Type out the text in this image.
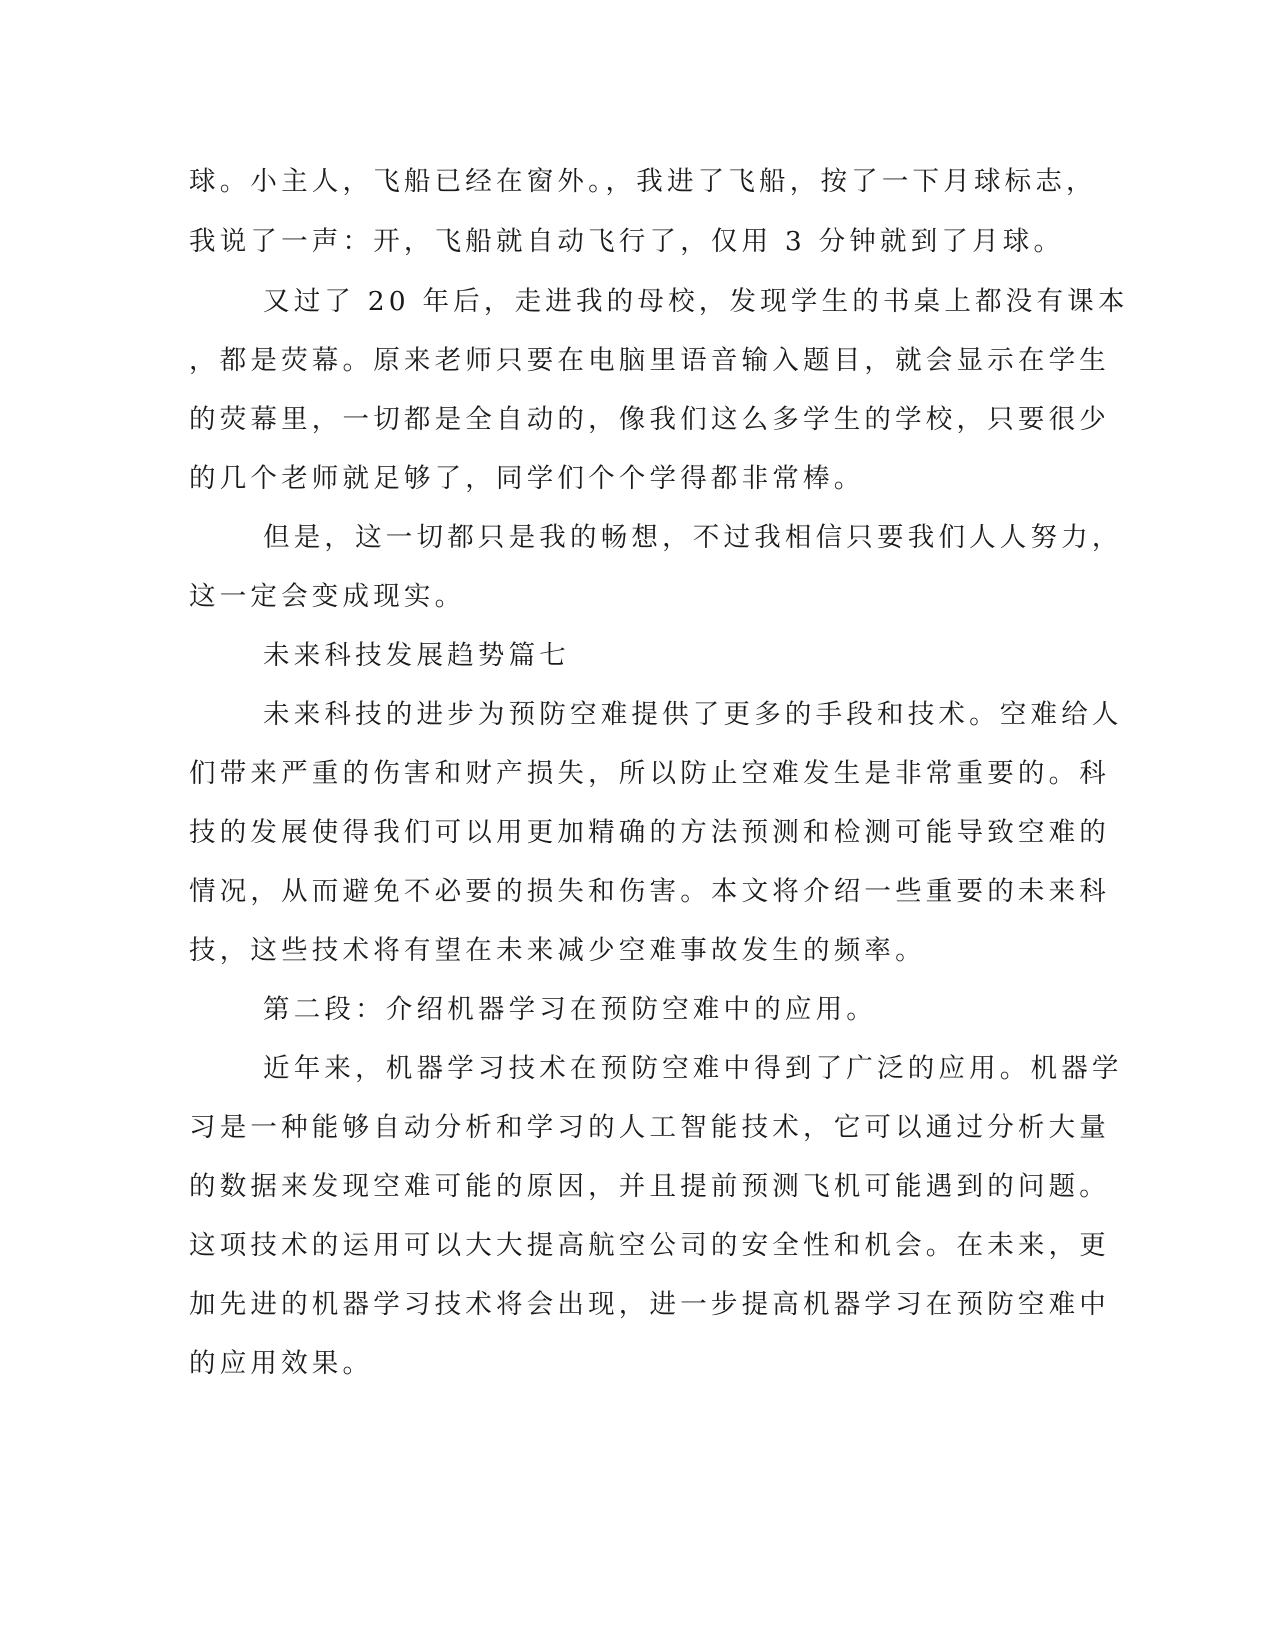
球。小主人，飞船已经在窗外。，我进了飞船，按了一下月球标志，
我说了一声：开，飞船就自动飞行了，仅用 3 分钟就到了月球。
又过了 20 年后，走进我的母校，发现学生的书桌上都没有课本
，都是荧幕。原来老师只要在电脑里语音输入题目，就会显示在学生
的荧幕里，一切都是全自动的，像我们这么多学生的学校，只要很少
的几个老师就足够了，同学们个个学得都非常棒。
但是，这一切都只是我的畅想，不过我相信只要我们人人努力，
这一定会变成现实。
未来科技发展趋势篇七
未来科技的进步为预防空难提供了更多的手段和技术。空难给人
们带来严重的伤害和财产损失，所以防止空难发生是非常重要的。科
技的发展使得我们可以用更加精确的方法预测和检测可能导致空难的
情况，从而避免不必要的损失和伤害。本文将介绍一些重要的未来科
技，这些技术将有望在未来减少空难事故发生的频率。
第二段：介绍机器学习在预防空难中的应用。
近年来，机器学习技术在预防空难中得到了广泛的应用。机器学
习是一种能够自动分析和学习的人工智能技术，它可以通过分析大量
的数据来发现空难可能的原因，并且提前预测飞机可能遇到的问题。
这项技术的运用可以大大提高航空公司的安全性和机会。在未来，更
加先进的机器学习技术将会出现，进一步提高机器学习在预防空难中
的应用效果。
